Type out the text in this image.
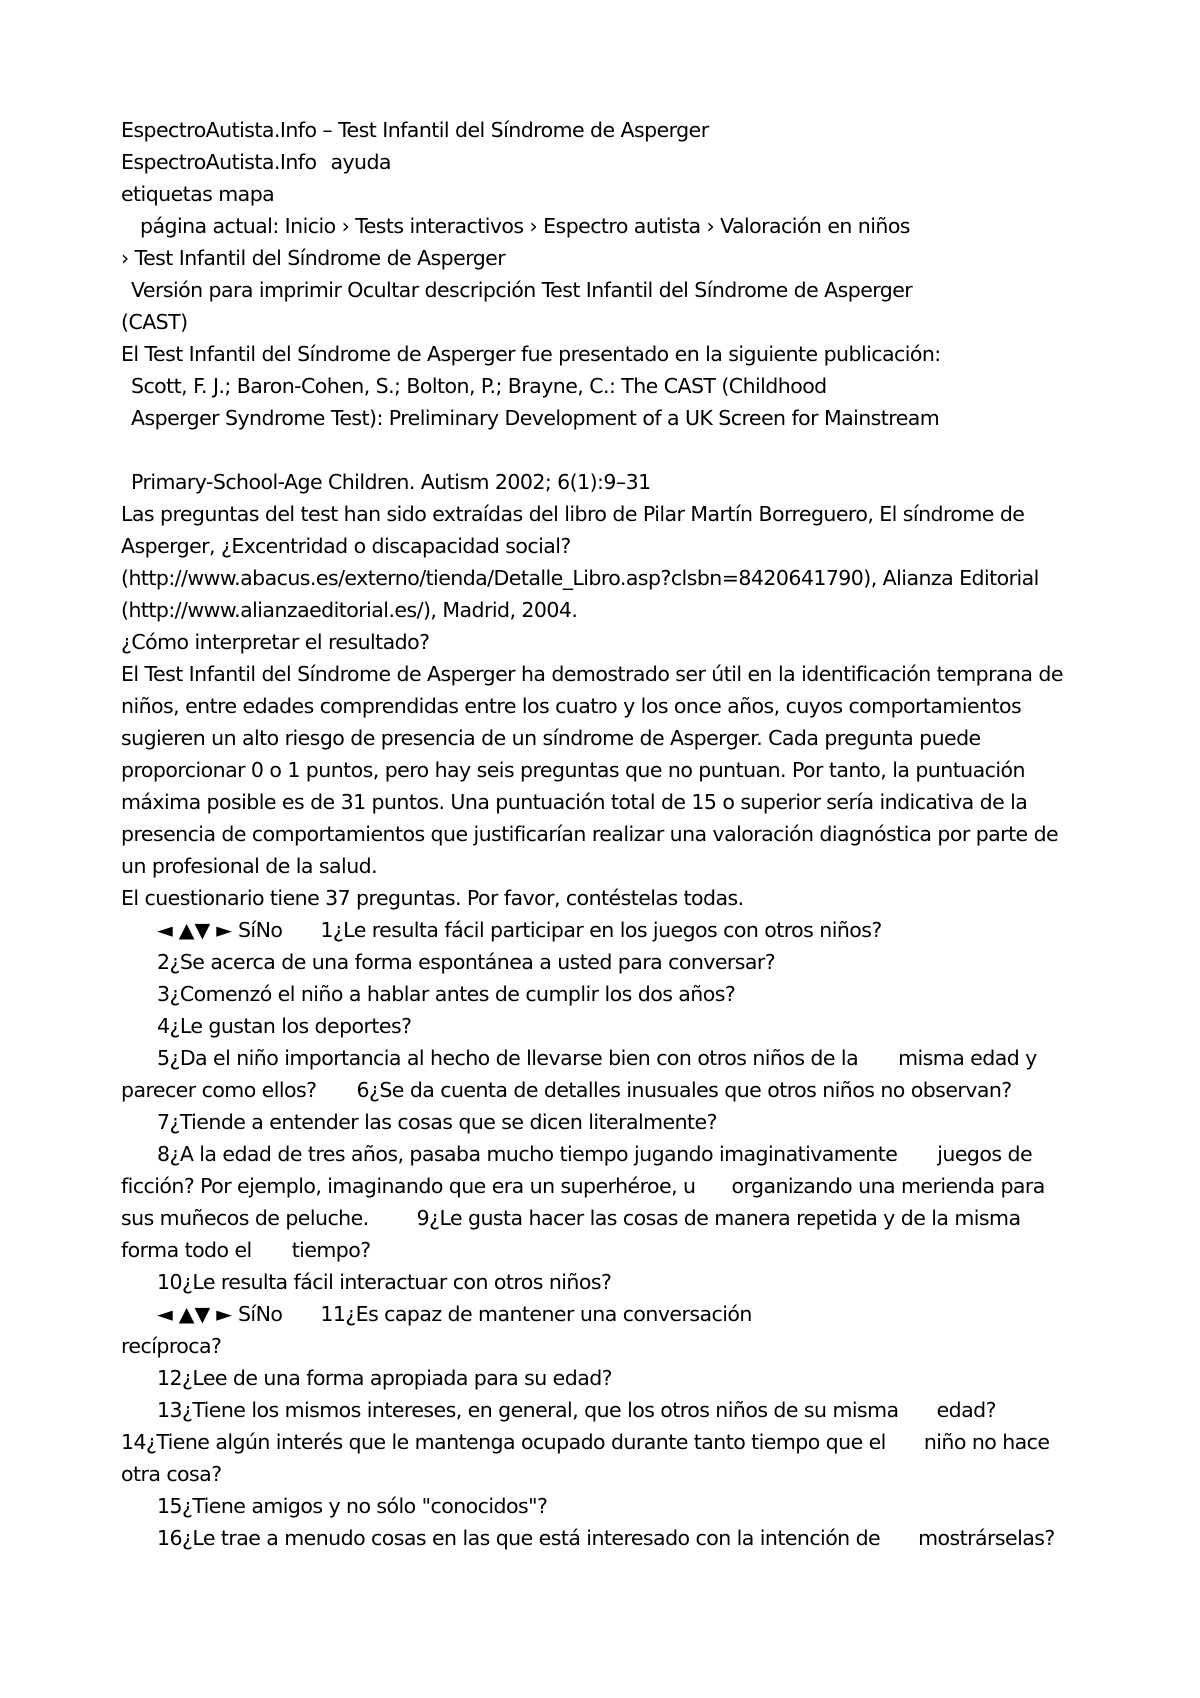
EspectroAutista.Info – Test Infantil del Síndrome de Asperger

EspectroAutista.Info ayuda

etiquetas mapa

página actual: Inicio › Tests interactivos › Espectro autista › Valoración en niños

› Test Infantil del Síndrome de Asperger

Versión para imprimir Ocultar descripción Test Infantil del Síndrome de Asperger

(CAST)

El Test Infantil del Síndrome de Asperger fue presentado en la siguiente publicación:

Scott, F. J.; Baron-Cohen, S.; Bolton, P.; Brayne, C.: The CAST (Childhood

Asperger Syndrome Test): Preliminary Development of a UK Screen for Mainstream

Primary-School-Age Children. Autism 2002; 6(1):9–31

Las preguntas del test han sido extraídas del libro de Pilar Martín Borreguero, El síndrome de

Asperger, ¿Excentridad o discapacidad social?

(http://www.abacus.es/externo/tienda/Detalle_Libro.asp?clsbn=8420641790), Alianza Editorial

(http://www.alianzaeditorial.es/), Madrid, 2004.

¿Cómo interpretar el resultado?

El Test Infantil del Síndrome de Asperger ha demostrado ser útil en la identificación temprana de

niños, entre edades comprendidas entre los cuatro y los once años, cuyos comportamientos

sugieren un alto riesgo de presencia de un síndrome de Asperger. Cada pregunta puede

proporcionar 0 o 1 puntos, pero hay seis preguntas que no puntuan. Por tanto, la puntuación

máxima posible es de 31 puntos. Una puntuación total de 15 o superior sería indicativa de la

presencia de comportamientos que justificarían realizar una valoración diagnóstica por parte de

un profesional de la salud.

El cuestionario tiene 37 preguntas. Por favor, contéstelas todas.

◄ ▲▼ ► SíNo 1¿Le resulta fácil participar en los juegos con otros niños?

2¿Se acerca de una forma espontánea a usted para conversar?

3¿Comenzó el niño a hablar antes de cumplir los dos años?

4¿Le gustan los deportes?

5¿Da el niño importancia al hecho de llevarse bien con otros niños de la misma edad y

parecer como ellos? 6¿Se da cuenta de detalles inusuales que otros niños no observan?

7¿Tiende a entender las cosas que se dicen literalmente?

8¿A la edad de tres años, pasaba mucho tiempo jugando imaginativamente juegos de

ficción? Por ejemplo, imaginando que era un superhéroe, u organizando una merienda para

sus muñecos de peluche. 9¿Le gusta hacer las cosas de manera repetida y de la misma

forma todo el tiempo?

10¿Le resulta fácil interactuar con otros niños?

◄ ▲▼ ► SíNo 11¿Es capaz de mantener una conversación

recíproca?

12¿Lee de una forma apropiada para su edad?

13¿Tiene los mismos intereses, en general, que los otros niños de su misma edad?

14¿Tiene algún interés que le mantenga ocupado durante tanto tiempo que el niño no hace

otra cosa?

15¿Tiene amigos y no sólo "conocidos"?

16¿Le trae a menudo cosas en las que está interesado con la intención de mostrárselas?
